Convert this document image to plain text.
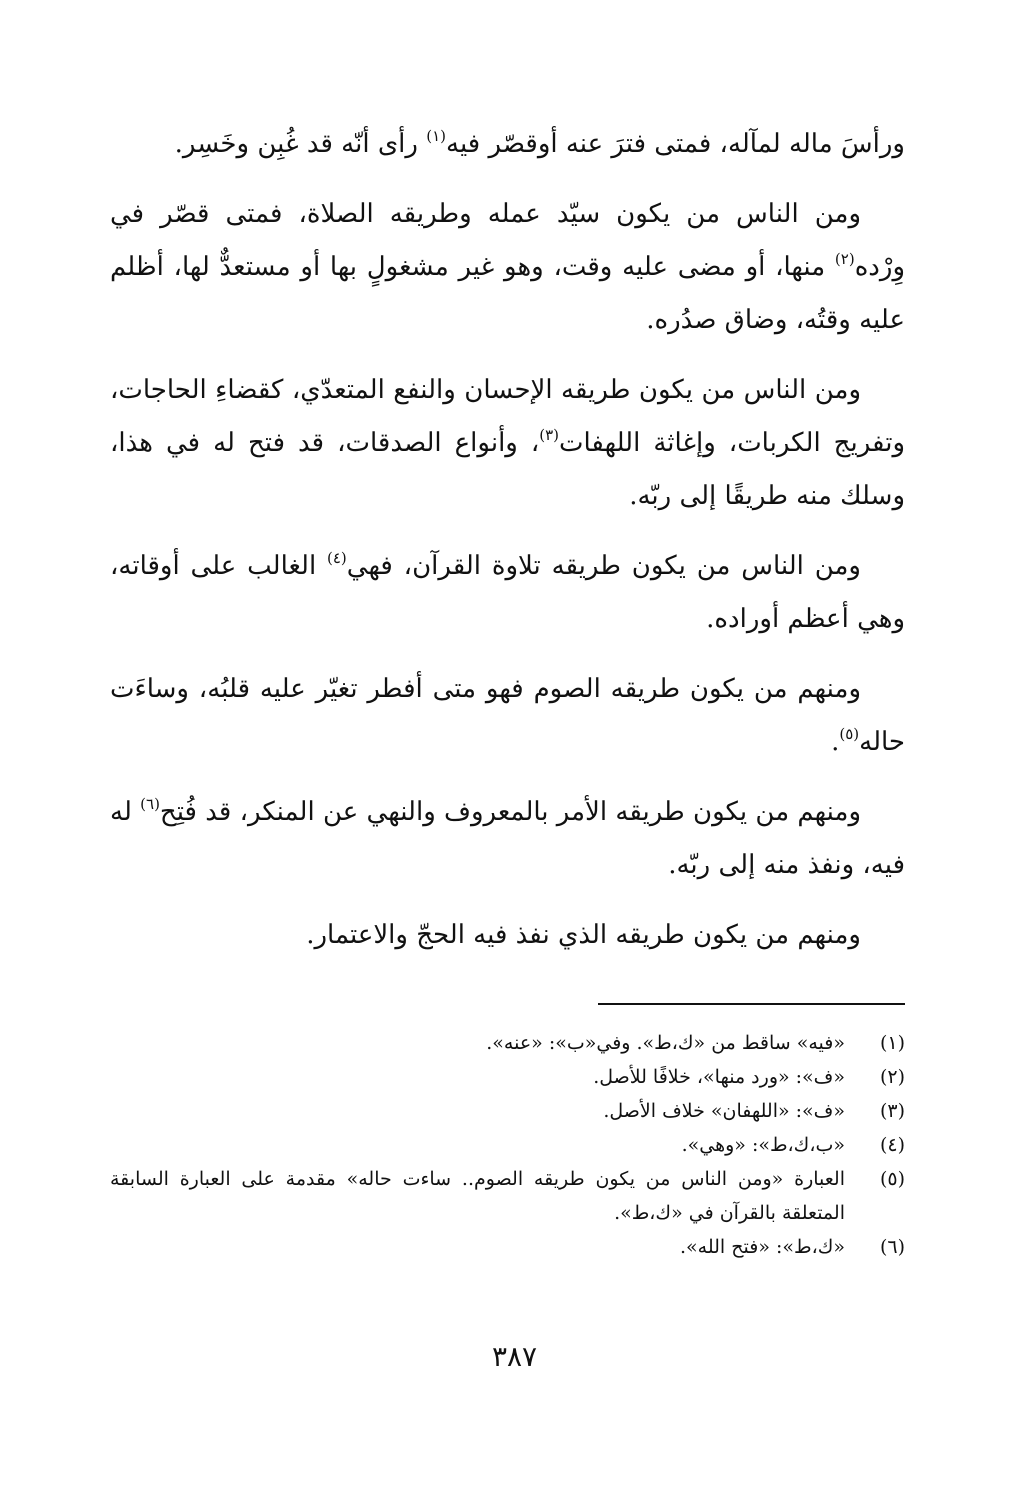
ورأسَ ماله لمآله، فمتى فترَ عنه أوقصّر فيه$^{(١)}$ رأى أنّه قد غُبِن وخَسِر.

ومن الناس من يكون سيّد عمله وطريقه الصلاة، فمتى قصّر في وِرْده$^{(٢)}$ منها، أو مضى عليه وقت، وهو غير مشغولٍ بها أو مستعدٌّ لها، أظلم عليه وقتُه، وضاق صدُره.

ومن الناس من يكون طريقه الإحسان والنفع المتعدّي، كقضاءِ الحاجات، وتفريج الكربات، وإغاثة اللهفات$^{(٣)}$، وأنواع الصدقات، قد فتح له في هذا، وسلك منه طريقًا إلى ربّه.

ومن الناس من يكون طريقه تلاوة القرآن، فهي$^{(٤)}$ الغالب على أوقاته، وهي أعظم أوراده.

ومنهم من يكون طريقه الصوم فهو متى أفطر تغيّر عليه قلبُه، وساءَت حاله$^{(٥)}$.

ومنهم من يكون طريقه الأمر بالمعروف والنهي عن المنكر، قد فُتِح$^{(٦)}$ له فيه، ونفذ منه إلى ربّه.

ومنهم من يكون طريقه الذي نفذ فيه الحجّ والاعتمار.

(١)
«فيه» ساقط من «ك،ط». وفي«ب»: «عنه».
(٢)
«ف»: «ورد منها»، خلافًا للأصل.
(٣)
«ف»: «اللهفان» خلاف الأصل.
(٤)
«ب،ك،ط»: «وهي».
(٥)
العبارة «ومن الناس من يكون طريقه الصوم.. ساءت حاله» مقدمة على العبارة السابقة المتعلقة بالقرآن في «ك،ط».
(٦)
«ك،ط»: «فتح الله».
٣٨٧
